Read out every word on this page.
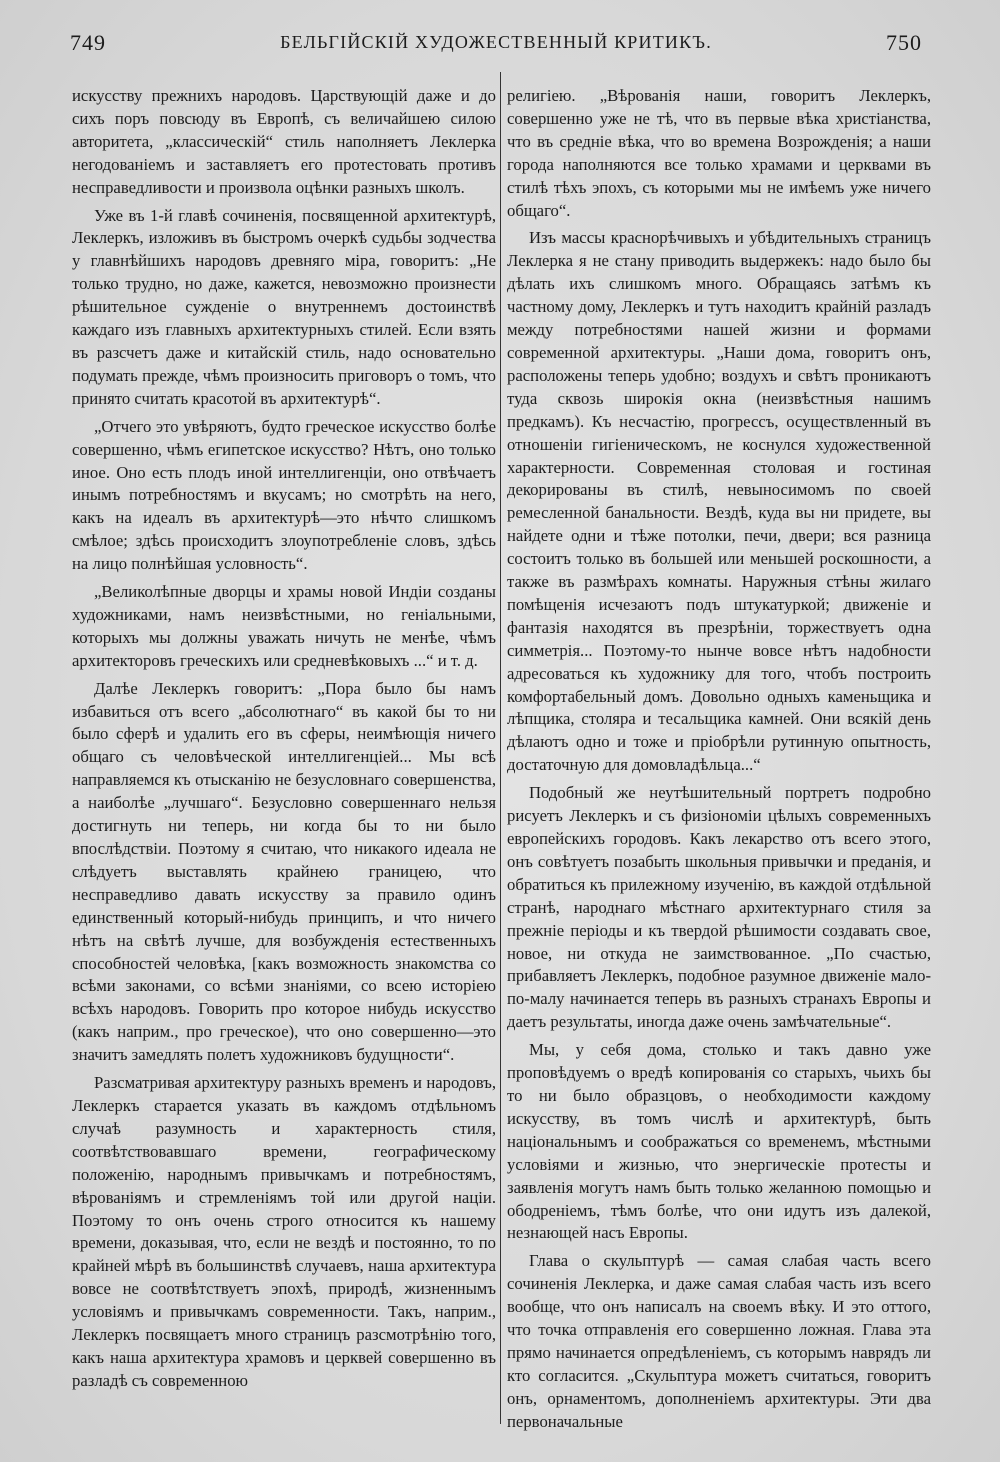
749	БЕЛЬГІЙСКІЙ ХУДОЖЕСТВЕННЫЙ КРИТИКЪ.	750

искусству прежнихъ народовъ. Царствующій даже и до сихъ поръ повсюду въ Европѣ, съ величайшею силою авторитета, „классическій“ стиль наполняетъ Леклерка негодованіемъ и заставляетъ его протестовать противъ несправедливости и произвола оцѣнки разныхъ школъ.

Уже въ 1-й главѣ сочиненія, посвященной архитектурѣ, Леклеркъ, изложивъ въ быстромъ очеркѣ судьбы зодчества у главнѣйшихъ народовъ древняго міра, говоритъ: „Не только трудно, но даже, кажется, невозможно произнести рѣшительное сужденіе о внутреннемъ достоинствѣ каждаго изъ главныхъ архитектурныхъ стилей. Если взять въ разсчетъ даже и китайскій стиль, надо основательно подумать прежде, чѣмъ произносить приговоръ о томъ, что принято считать красотой въ архитектурѣ“.

„Отчего это увѣряютъ, будто греческое искусство болѣе совершенно, чѣмъ египетское искусство? Нѣтъ, оно только иное. Оно есть плодъ иной интеллигенціи, оно отвѣчаетъ инымъ потребностямъ и вкусамъ; но смотрѣть на него, какъ на идеалъ въ архитектурѣ—это нѣчто слишкомъ смѣлое; здѣсь происходитъ злоупотребленіе словъ, здѣсь на лицо полнѣйшая условность“.

„Великолѣпные дворцы и храмы новой Индіи созданы художниками, намъ неизвѣстными, но геніальными, которыхъ мы должны уважать ничуть не менѣе, чѣмъ архитекторовъ греческихъ или средневѣковыхъ ...“ и т. д.

Далѣе Леклеркъ говоритъ: „Пора было бы намъ избавиться отъ всего „абсолютнаго“ въ какой бы то ни было сферѣ и удалить его въ сферы, неимѣющія ничего общаго съ человѣческой интеллигенціей... Мы всѣ направляемся къ отысканію не безусловнаго совершенства, а наиболѣе „лучшаго“. Безусловно совершеннаго нельзя достигнуть ни теперь, ни когда бы то ни было впослѣдствіи. Поэтому я считаю, что никакого идеала не слѣдуетъ выставлять крайнею границею, что несправедливо давать искусству за правило одинъ единственный который-нибудь принципъ, и что ничего нѣтъ на свѣтѣ лучше, для возбужденія естественныхъ способностей человѣка, [какъ возможность знакомства со всѣми законами, со всѣми знаніями, со всею исторіею всѣхъ народовъ. Говорить про которое нибудь искусство (какъ наприм., про греческое), что оно совершенно—это значитъ замедлять полетъ художниковъ будущности“.

Разсматривая архитектуру разныхъ временъ и народовъ, Леклеркъ старается указать въ каждомъ отдѣльномъ случаѣ разумность и характерность стиля, соотвѣтствовавшаго времени, географическому положенію, народнымъ привычкамъ и потребностямъ, вѣрованіямъ и стремленіямъ той или другой націи. Поэтому то онъ очень строго относится къ нашему времени, доказывая, что, если не вездѣ и постоянно, то по крайней мѣрѣ въ большинствѣ случаевъ, наша архитектура вовсе не соотвѣтствуетъ эпохѣ, природѣ, жизненнымъ условіямъ и привычкамъ современности. Такъ, наприм., Леклеркъ посвящаетъ много страницъ разсмотрѣнію того, какъ наша архитектура храмовъ и церквей совершенно въ разладѣ съ современною

религіею. „Вѣрованія наши, говоритъ Леклеркъ, совершенно уже не тѣ, что въ первые вѣка христіанства, что въ средніе вѣка, что во времена Возрожденія; а наши города наполняются все только храмами и церквами въ стилѣ тѣхъ эпохъ, съ которыми мы не имѣемъ уже ничего общаго“.

Изъ массы краснорѣчивыхъ и убѣдительныхъ страницъ Леклерка я не стану приводить выдержекъ: надо было бы дѣлать ихъ слишкомъ много. Обращаясь затѣмъ къ частному дому, Леклеркъ и тутъ находитъ крайній разладъ между потребностями нашей жизни и формами современной архитектуры. „Наши дома, говоритъ онъ, расположены теперь удобно; воздухъ и свѣтъ проникаютъ туда сквозь широкія окна (неизвѣстныя нашимъ предкамъ). Къ несчастію, прогрессъ, осуществленный въ отношеніи гигіеническомъ, не коснулся художественной характерности. Современная столовая и гостиная декорированы въ стилѣ, невыносимомъ по своей ремесленной банальности. Вездѣ, куда вы ни придете, вы найдете одни и тѣже потолки, печи, двери; вся разница состоитъ только въ большей или меньшей роскошности, а также въ размѣрахъ комнаты. Наружныя стѣны жилаго помѣщенія исчезаютъ подъ штукатуркой; движеніе и фантазія находятся въ презрѣніи, торжествуетъ одна симметрія... Поэтому-то нынче вовсе нѣтъ надобности адресоваться къ художнику для того, чтобъ построить комфортабельный домъ. Довольно одныхъ каменьщика и лѣпщика, столяра и тесальщика камней. Они всякій день дѣлаютъ одно и тоже и пріобрѣли рутинную опытность, достаточную для домовладѣльца...“

Подобный же неутѣшительный портретъ подробно рисуетъ Леклеркъ и съ физіономіи цѣлыхъ современныхъ европейскихъ городовъ. Какъ лекарство отъ всего этого, онъ совѣтуетъ позабыть школьныя привычки и преданія, и обратиться къ прилежному изученію, въ каждой отдѣльной странѣ, народнаго мѣстнаго архитектурнаго стиля за прежніе періоды и къ твердой рѣшимости создавать свое, новое, ни откуда не заимствованное. „По счастью, прибавляетъ Леклеркъ, подобное разумное движеніе мало-по-малу начинается теперь въ разныхъ странахъ Европы и даетъ результаты, иногда даже очень замѣчательные“.

Мы, у себя дома, столько и такъ давно уже проповѣдуемъ о вредѣ копированія со старыхъ, чьихъ бы то ни было образцовъ, о необходимости каждому искусству, въ томъ числѣ и архитектурѣ, быть національнымъ и соображаться со временемъ, мѣстными условіями и жизнью, что энергическіе протесты и заявленія могутъ намъ быть только желанною помощью и ободреніемъ, тѣмъ болѣе, что они идутъ изъ далекой, незнающей насъ Европы.

Глава о скульптурѣ — самая слабая часть всего сочиненія Леклерка, и даже самая слабая часть изъ всего вообще, что онъ написалъ на своемъ вѣку. И это оттого, что точка отправленія его совершенно ложная. Глава эта прямо начинается опредѣленіемъ, съ которымъ наврядъ ли кто согласится. „Скульптура можетъ считаться, говоритъ онъ, орнаментомъ, дополненіемъ архитектуры. Эти два первоначальные
